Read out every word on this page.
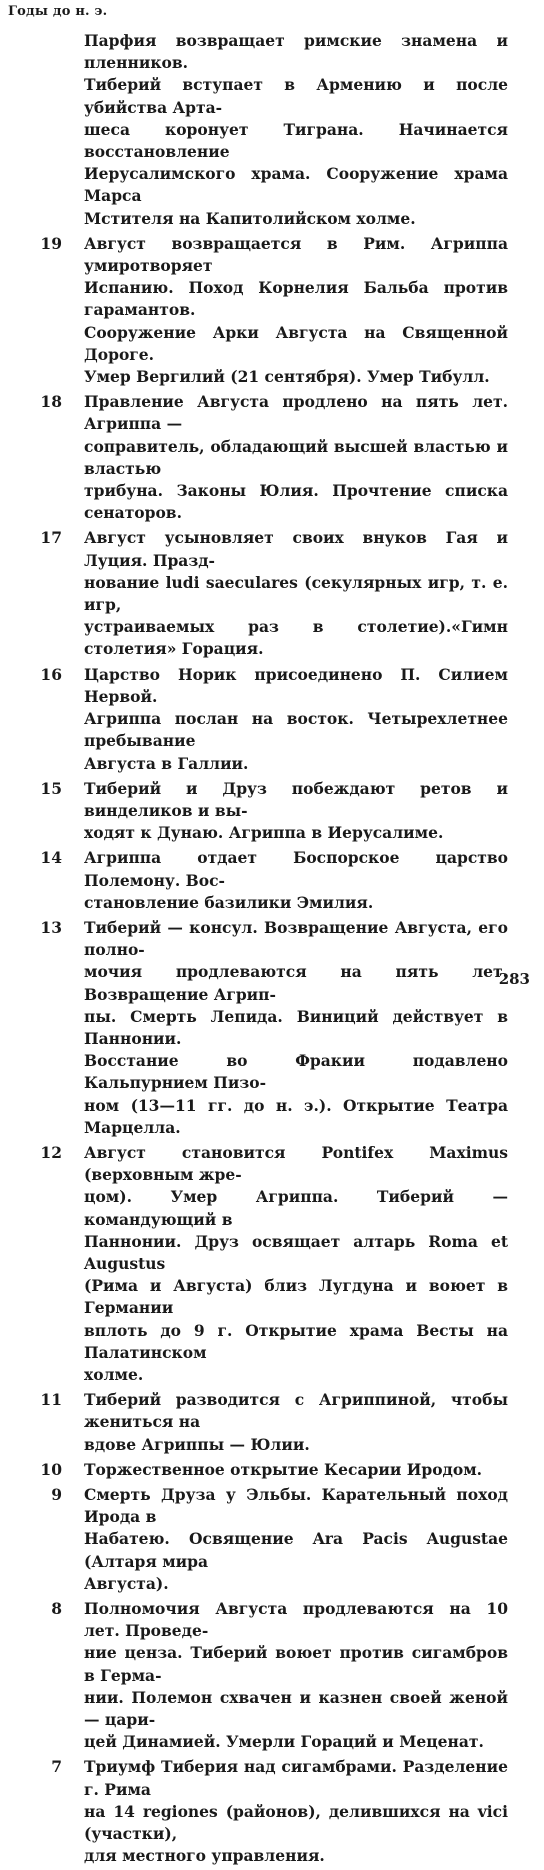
Годы до н. э.
Парфия возвращает римские знамена и пленников.
Тиберий вступает в Армению и после убийства Арта-
шеса коронует Тиграна. Начинается восстановление
Иерусалимского храма. Сооружение храма Марса
Мстителя на Капитолийском холме.
19	Август возвращается в Рим. Агриппа умиротворяет
Испанию. Поход Корнелия Бальба против гарамантов.
Сооружение Арки Августа на Священной Дороге.
Умер Вергилий (21 сентября). Умер Тибулл.
18	Правление Августа продлено на пять лет. Агриппа —
соправитель, обладающий высшей властью и властью
трибуна. Законы Юлия. Прочтение списка сенаторов.
17	Август усыновляет своих внуков Гая и Луция. Празд-
нование ludi saeculares (секулярных игр, т. е. игр,
устраиваемых раз в столетие).«Гимн столетия» Горация.
16	Царство Норик присоединено П. Силием Нервой.
Агриппа послан на восток. Четырехлетнее пребывание
Августа в Галлии.
15	Тиберий и Друз побеждают ретов и винделиков и вы-
ходят к Дунаю. Агриппа в Иерусалиме.
14	Агриппа отдает Боспорское царство Полемону. Вос-
становление базилики Эмилия.
13	Тиберий — консул. Возвращение Августа, его полно-
мочия продлеваются на пять лет. Возвращение Агрип-
пы. Смерть Лепида. Виниций действует в Паннонии.
Восстание во Фракии подавлено Кальпурнием Пизо-
ном (13—11 гг. до н. э.). Открытие Театра Марцелла.
12	Август становится Pontifex Maximus (верховным жре-
цом). Умер Агриппа. Тиберий — командующий в
Паннонии. Друз освящает алтарь Roma et Augustus
(Рима и Августа) близ Лугдуна и воюет в Германии
вплоть до 9 г. Открытие храма Весты на Палатинском
холме.
11	Тиберий разводится с Агриппиной, чтобы жениться на
вдове Агриппы — Юлии.
10	Торжественное открытие Кесарии Иродом.
9	Смерть Друза у Эльбы. Карательный поход Ирода в
Набатею. Освящение Ara Pacis Augustae (Алтаря мира
Августа).
8	Полномочия Августа продлеваются на 10 лет. Проведе-
ние ценза. Тиберий воюет против сигамбров в Герма-
нии. Полемон схвачен и казнен своей женой — цари-
цей Динамией. Умерли Гораций и Меценат.
7	Триумф Тиберия над сигамбрами. Разделение г. Рима
на 14 regiones (районов), делившихся на vici (участки),
для местного управления.
283
